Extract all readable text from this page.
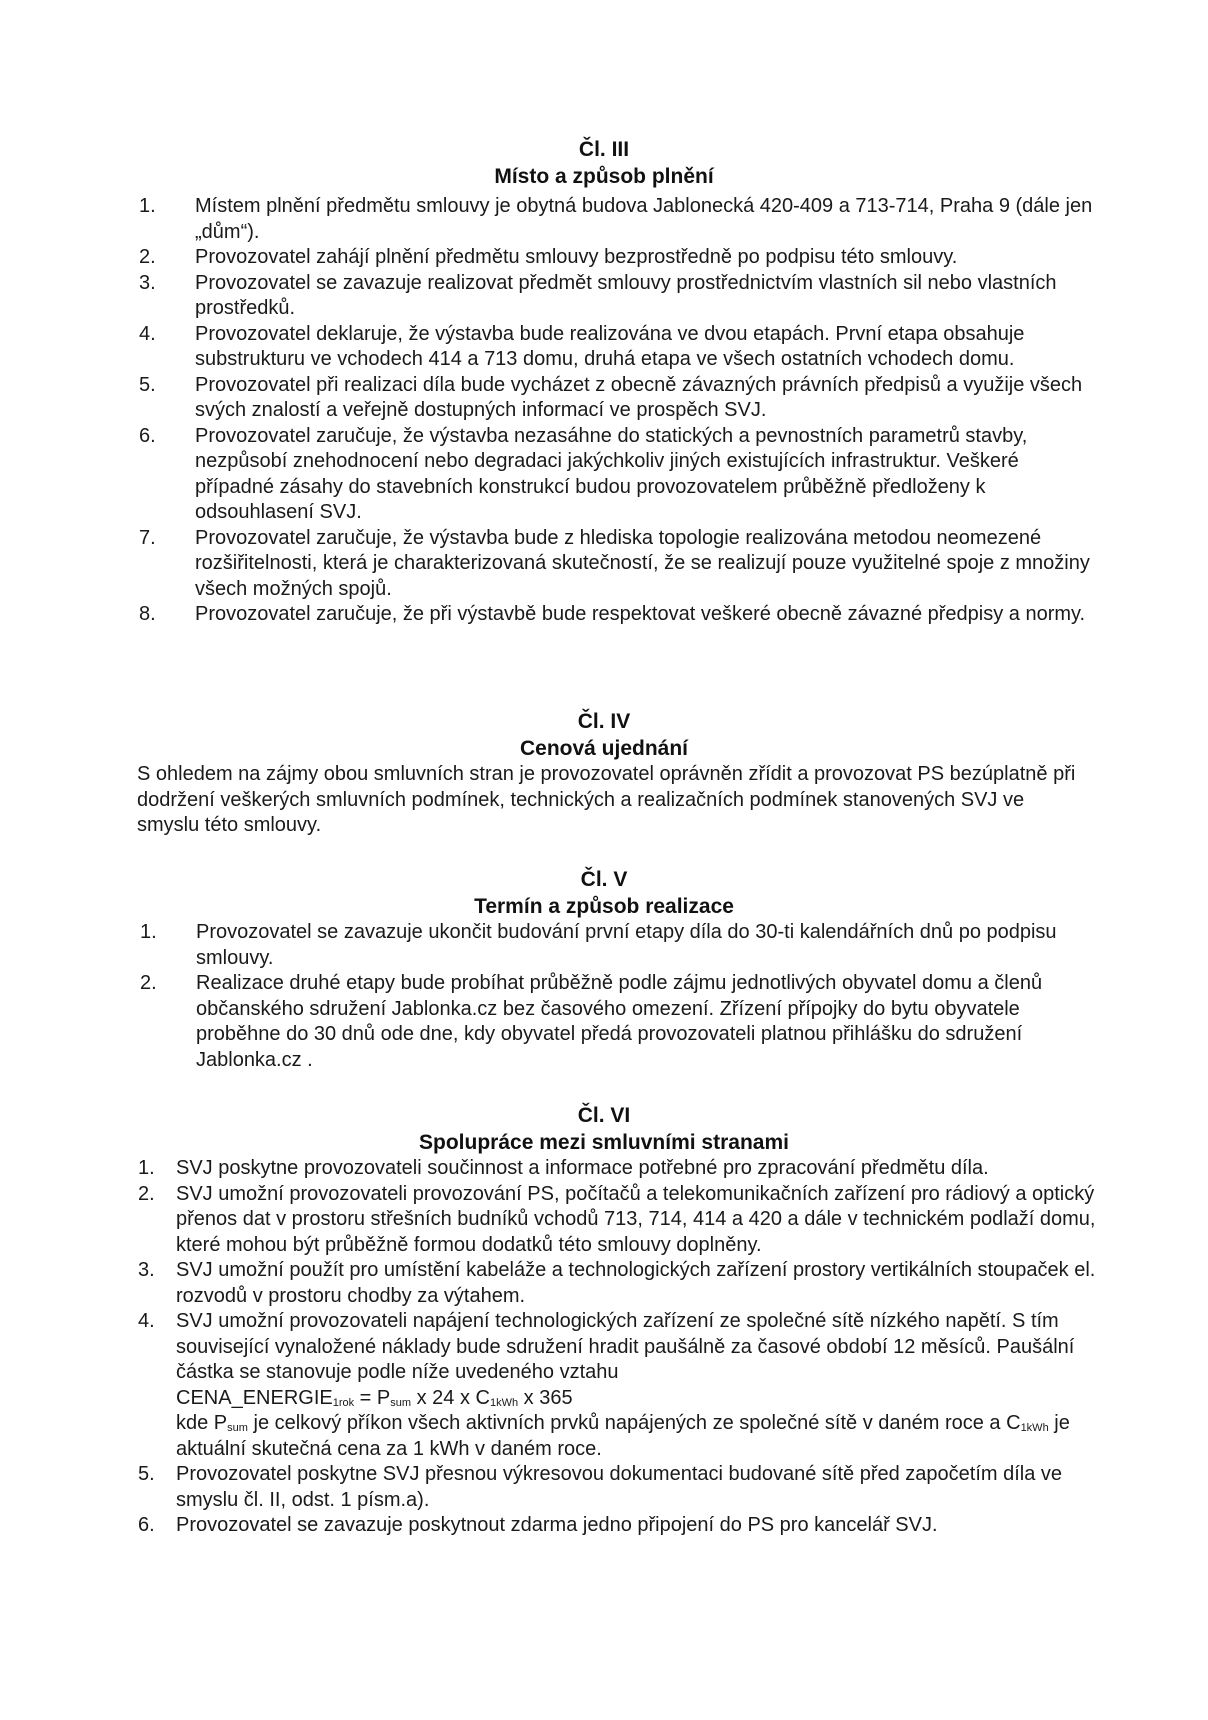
Čl. III
Místo a způsob plnění
1. Místem plnění předmětu smlouvy je obytná budova Jablonecká 420-409 a 713-714, Praha 9 (dále jen „dům“).
2. Provozovatel zahájí plnění předmětu smlouvy bezprostředně po podpisu této smlouvy.
3. Provozovatel se zavazuje realizovat předmět smlouvy prostřednictvím vlastních sil nebo vlastních prostředků.
4. Provozovatel deklaruje, že výstavba bude realizována ve dvou etapách. První etapa obsahuje substrukturu ve vchodech 414 a 713 domu, druhá etapa ve všech ostatních vchodech domu.
5. Provozovatel při realizaci díla bude vycházet z obecně závazných právních předpisů a využije všech svých znalostí a veřejně dostupných informací ve prospěch SVJ.
6. Provozovatel zaručuje, že výstavba nezasáhne do statických a pevnostních parametrů stavby, nezpůsobí znehodnocení nebo degradaci jakýchkoliv jiných existujících infrastruktur. Veškeré případné zásahy do stavebních konstrukcí budou provozovatelem průběžně předloženy k odsouhlasení SVJ.
7. Provozovatel zaručuje, že výstavba bude z hlediska topologie realizována metodou neomezené rozšiřitelnosti, která je charakterizovaná skutečností, že se realizují pouze využitelné spoje z množiny všech možných spojů.
8. Provozovatel zaručuje, že při výstavbě bude respektovat veškeré obecně závazné předpisy a normy.
Čl. IV
Cenová ujednání

S ohledem na zájmy obou smluvních stran je provozovatel oprávněn zřídit a provozovat PS bezúplatně při dodržení veškerých smluvních podmínek, technických a realizačních podmínek stanovených SVJ ve smyslu této smlouvy.

Čl. V
Termín a způsob realizace
1. Provozovatel se zavazuje ukončit budování první etapy díla do 30-ti kalendářních dnů po podpisu smlouvy.
2. Realizace druhé etapy bude probíhat průběžně podle zájmu jednotlivých obyvatel domu a členů občanského sdružení Jablonka.cz bez časového omezení. Zřízení přípojky do bytu obyvatele proběhne do 30 dnů ode dne, kdy obyvatel předá provozovateli platnou přihlášku do sdružení Jablonka.cz .
Čl. VI
Spolupráce mezi smluvními stranami
1. SVJ poskytne provozovateli součinnost a informace potřebné pro zpracování předmětu díla.
2. SVJ umožní provozovateli provozování PS, počítačů a telekomunikačních zařízení pro rádiový a optický přenos dat v prostoru střešních budníků vchodů 713, 714, 414 a 420 a dále v technickém podlaží domu, které mohou být průběžně formou dodatků této smlouvy doplněny.
3. SVJ umožní použít pro umístění kabeláže a technologických zařízení prostory vertikálních stoupaček el. rozvodů v prostoru chodby za výtahem.
4. SVJ umožní provozovateli napájení technologických zařízení ze společné sítě nízkého napětí. S tím související vynaložené náklady bude sdružení hradit paušálně za časové období 12 měsíců. Paušální částka se stanovuje podle níže uvedeného vztahu
$CENA\_ENERGIE_{1rok} = P_{sum}$ x 24 x $C_{1kWh}$ x 365
kde $P_{sum}$ je celkový příkon všech aktivních prvků napájených ze společné sítě v daném roce a $C_{1kWh}$ je aktuální skutečná cena za 1 kWh v daném roce.
5. Provozovatel poskytne SVJ přesnou výkresovou dokumentaci budované sítě před započetím díla ve smyslu čl. II, odst. 1 písm.a).
6. Provozovatel se zavazuje poskytnout zdarma jedno připojení do PS pro kancelář SVJ.
